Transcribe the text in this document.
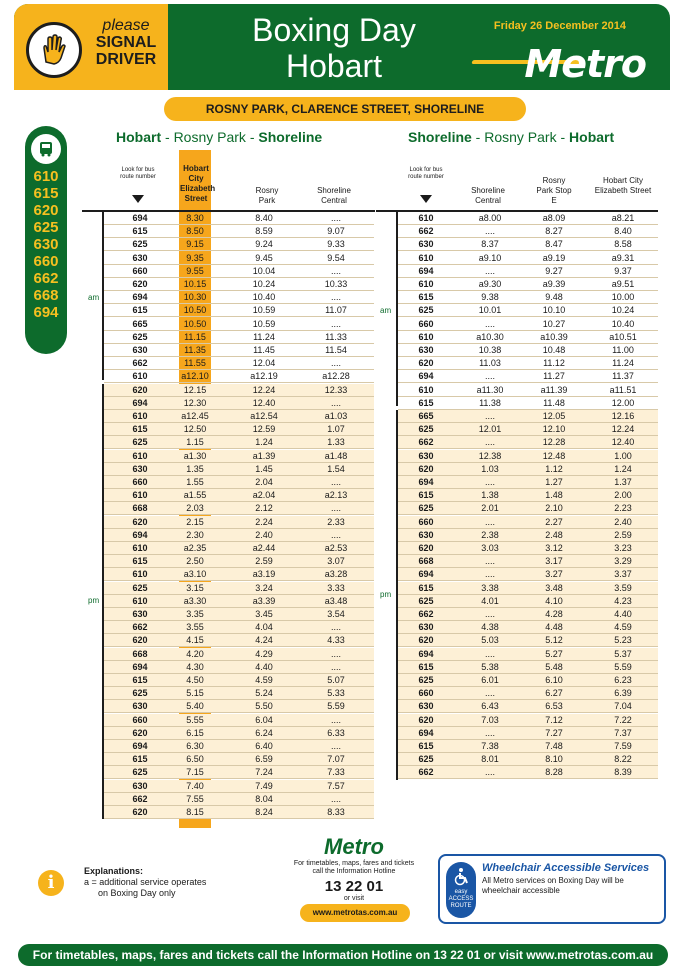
please
SIGNAL
DRIVER
Boxing Day
Hobart
Friday 26 December 2014
Metro
ROSNY PARK, CLARENCE STREET, SHORELINE
610
615
620
625
630
660
662
668
694
Hobart - Rosny Park - Shoreline	Shoreline - Rosny Park - Hobart
Look for bus route number
Hobart City Elizabeth Street
Rosny Park
Shoreline Central
694	8.30	8.40	....
615	8.50	8.59	9.07
625	9.15	9.24	9.33
630	9.35	9.45	9.54
660	9.55	10.04	....
620	10.15	10.24	10.33
694	10.30	10.40	....
615	10.50	10.59	11.07
665	10.50	10.59	....
625	11.15	11.24	11.33
630	11.35	11.45	11.54
662	11.55	12.04	....
610	a12.10	a12.19	a12.28
620	12.15	12.24	12.33
694	12.30	12.40	....
610	a12.45	a12.54	a1.03
615	12.50	12.59	1.07
625	1.15	1.24	1.33
610	a1.30	a1.39	a1.48
630	1.35	1.45	1.54
660	1.55	2.04	....
610	a1.55	a2.04	a2.13
668	2.03	2.12	....
620	2.15	2.24	2.33
694	2.30	2.40	....
610	a2.35	a2.44	a2.53
615	2.50	2.59	3.07
610	a3.10	a3.19	a3.28
625	3.15	3.24	3.33
610	a3.30	a3.39	a3.48
630	3.35	3.45	3.54
662	3.55	4.04	....
620	4.15	4.24	4.33
668	4.20	4.29	....
694	4.30	4.40	....
615	4.50	4.59	5.07
625	5.15	5.24	5.33
630	5.40	5.50	5.59
660	5.55	6.04	....
620	6.15	6.24	6.33
694	6.30	6.40	....
615	6.50	6.59	7.07
625	7.15	7.24	7.33
630	7.40	7.49	7.57
662	7.55	8.04	....
620	8.15	8.24	8.33
am
pm
Look for bus route number
Shoreline Central
Rosny Park Stop E
Hobart City Elizabeth Street
610	a8.00	a8.09	a8.21
662	....	8.27	8.40
630	8.37	8.47	8.58
610	a9.10	a9.19	a9.31
694	....	9.27	9.37
610	a9.30	a9.39	a9.51
615	9.38	9.48	10.00
625	10.01	10.10	10.24
660	....	10.27	10.40
610	a10.30	a10.39	a10.51
630	10.38	10.48	11.00
620	11.03	11.12	11.24
694	....	11.27	11.37
610	a11.30	a11.39	a11.51
615	11.38	11.48	12.00
665	....	12.05	12.16
625	12.01	12.10	12.24
662	....	12.28	12.40
630	12.38	12.48	1.00
620	1.03	1.12	1.24
694	....	1.27	1.37
615	1.38	1.48	2.00
625	2.01	2.10	2.23
660	....	2.27	2.40
630	2.38	2.48	2.59
620	3.03	3.12	3.23
668	....	3.17	3.29
694	....	3.27	3.37
615	3.38	3.48	3.59
625	4.01	4.10	4.23
662	....	4.28	4.40
630	4.38	4.48	4.59
620	5.03	5.12	5.23
694	....	5.27	5.37
615	5.38	5.48	5.59
625	6.01	6.10	6.23
660	....	6.27	6.39
630	6.43	6.53	7.04
620	7.03	7.12	7.22
694	....	7.27	7.37
615	7.38	7.48	7.59
625	8.01	8.10	8.22
662	....	8.28	8.39
am
pm
i
Explanations:
a = additional service operates
on Boxing Day only
Metro
For timetables, maps, fares and tickets
call the Information Hotline
13 22 01
or visit
www.metrotas.com.au
easy ACCESS ROUTE
Wheelchair Accessible Services
All Metro services on Boxing Day will be wheelchair accessible
For timetables, maps, fares and tickets call the Information Hotline on 13 22 01 or visit www.metrotas.com.au
